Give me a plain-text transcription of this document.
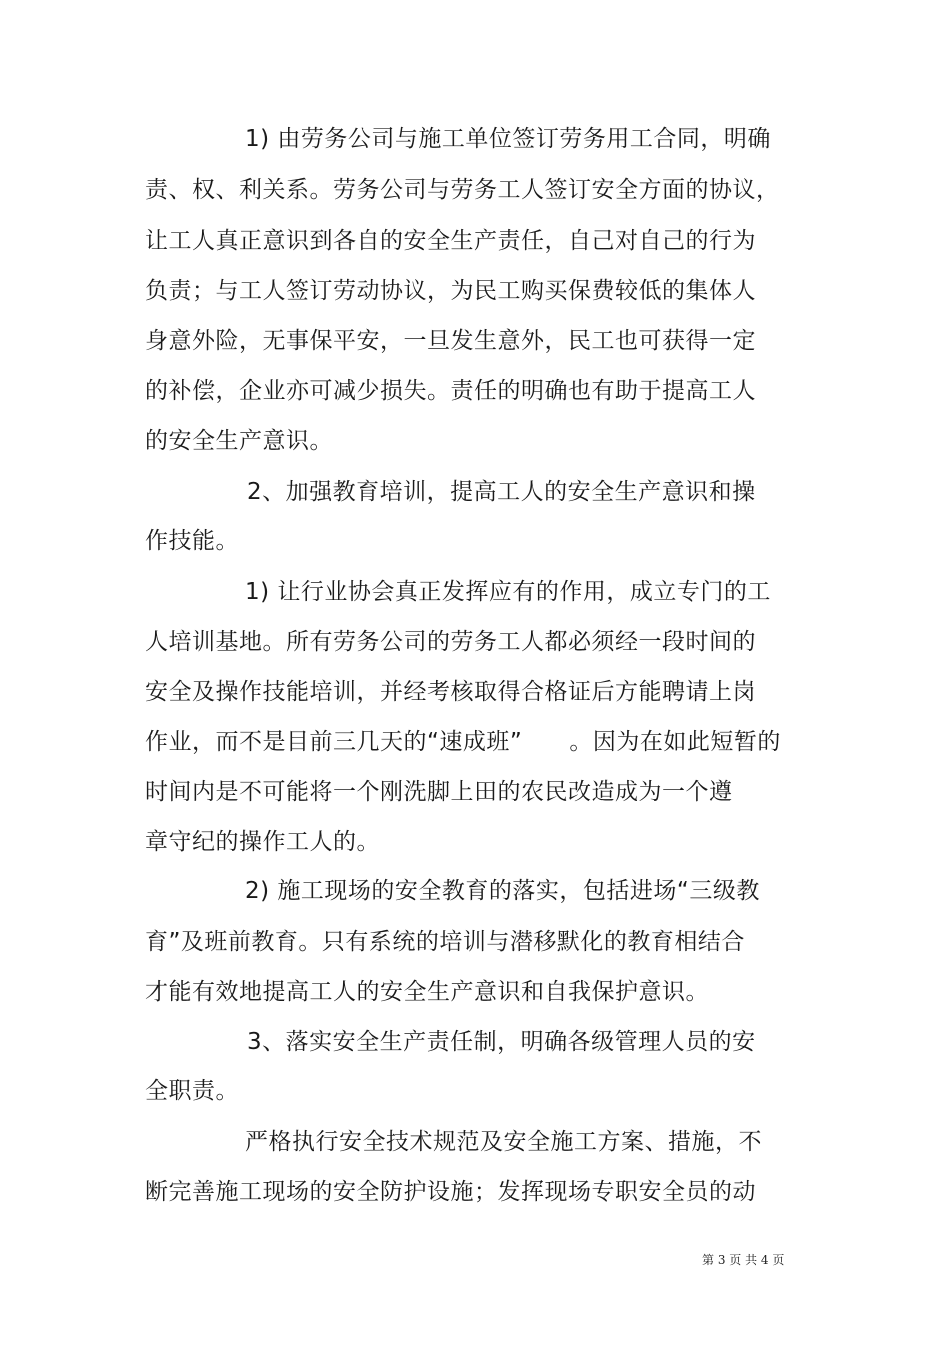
1) 由劳务公司与施工单位签订劳务用工合同，明确
责、权、利关系。劳务公司与劳务工人签订安全方面的协议，
让工人真正意识到各自的安全生产责任，自己对自己的行为
负责；与工人签订劳动协议，为民工购买保费较低的集体人
身意外险，无事保平安，一旦发生意外，民工也可获得一定
的补偿，企业亦可减少损失。责任的明确也有助于提高工人
的安全生产意识。
2、加强教育培训，提高工人的安全生产意识和操
作技能。
1) 让行业协会真正发挥应有的作用，成立专门的工
人培训基地。所有劳务公司的劳务工人都必须经一段时间的
安全及操作技能培训，并经考核取得合格证后方能聘请上岗
作业，而不是目前三几天的“速成班”　　。因为在如此短暂的
时间内是不可能将一个刚洗脚上田的农民改造成为一个遵
章守纪的操作工人的。
2) 施工现场的安全教育的落实，包括进场“三级教
育”及班前教育。只有系统的培训与潜移默化的教育相结合
才能有效地提高工人的安全生产意识和自我保护意识。
3、落实安全生产责任制，明确各级管理人员的安
全职责。
严格执行安全技术规范及安全施工方案、措施，不
断完善施工现场的安全防护设施；发挥现场专职安全员的动
第 3 页 共 4 页
